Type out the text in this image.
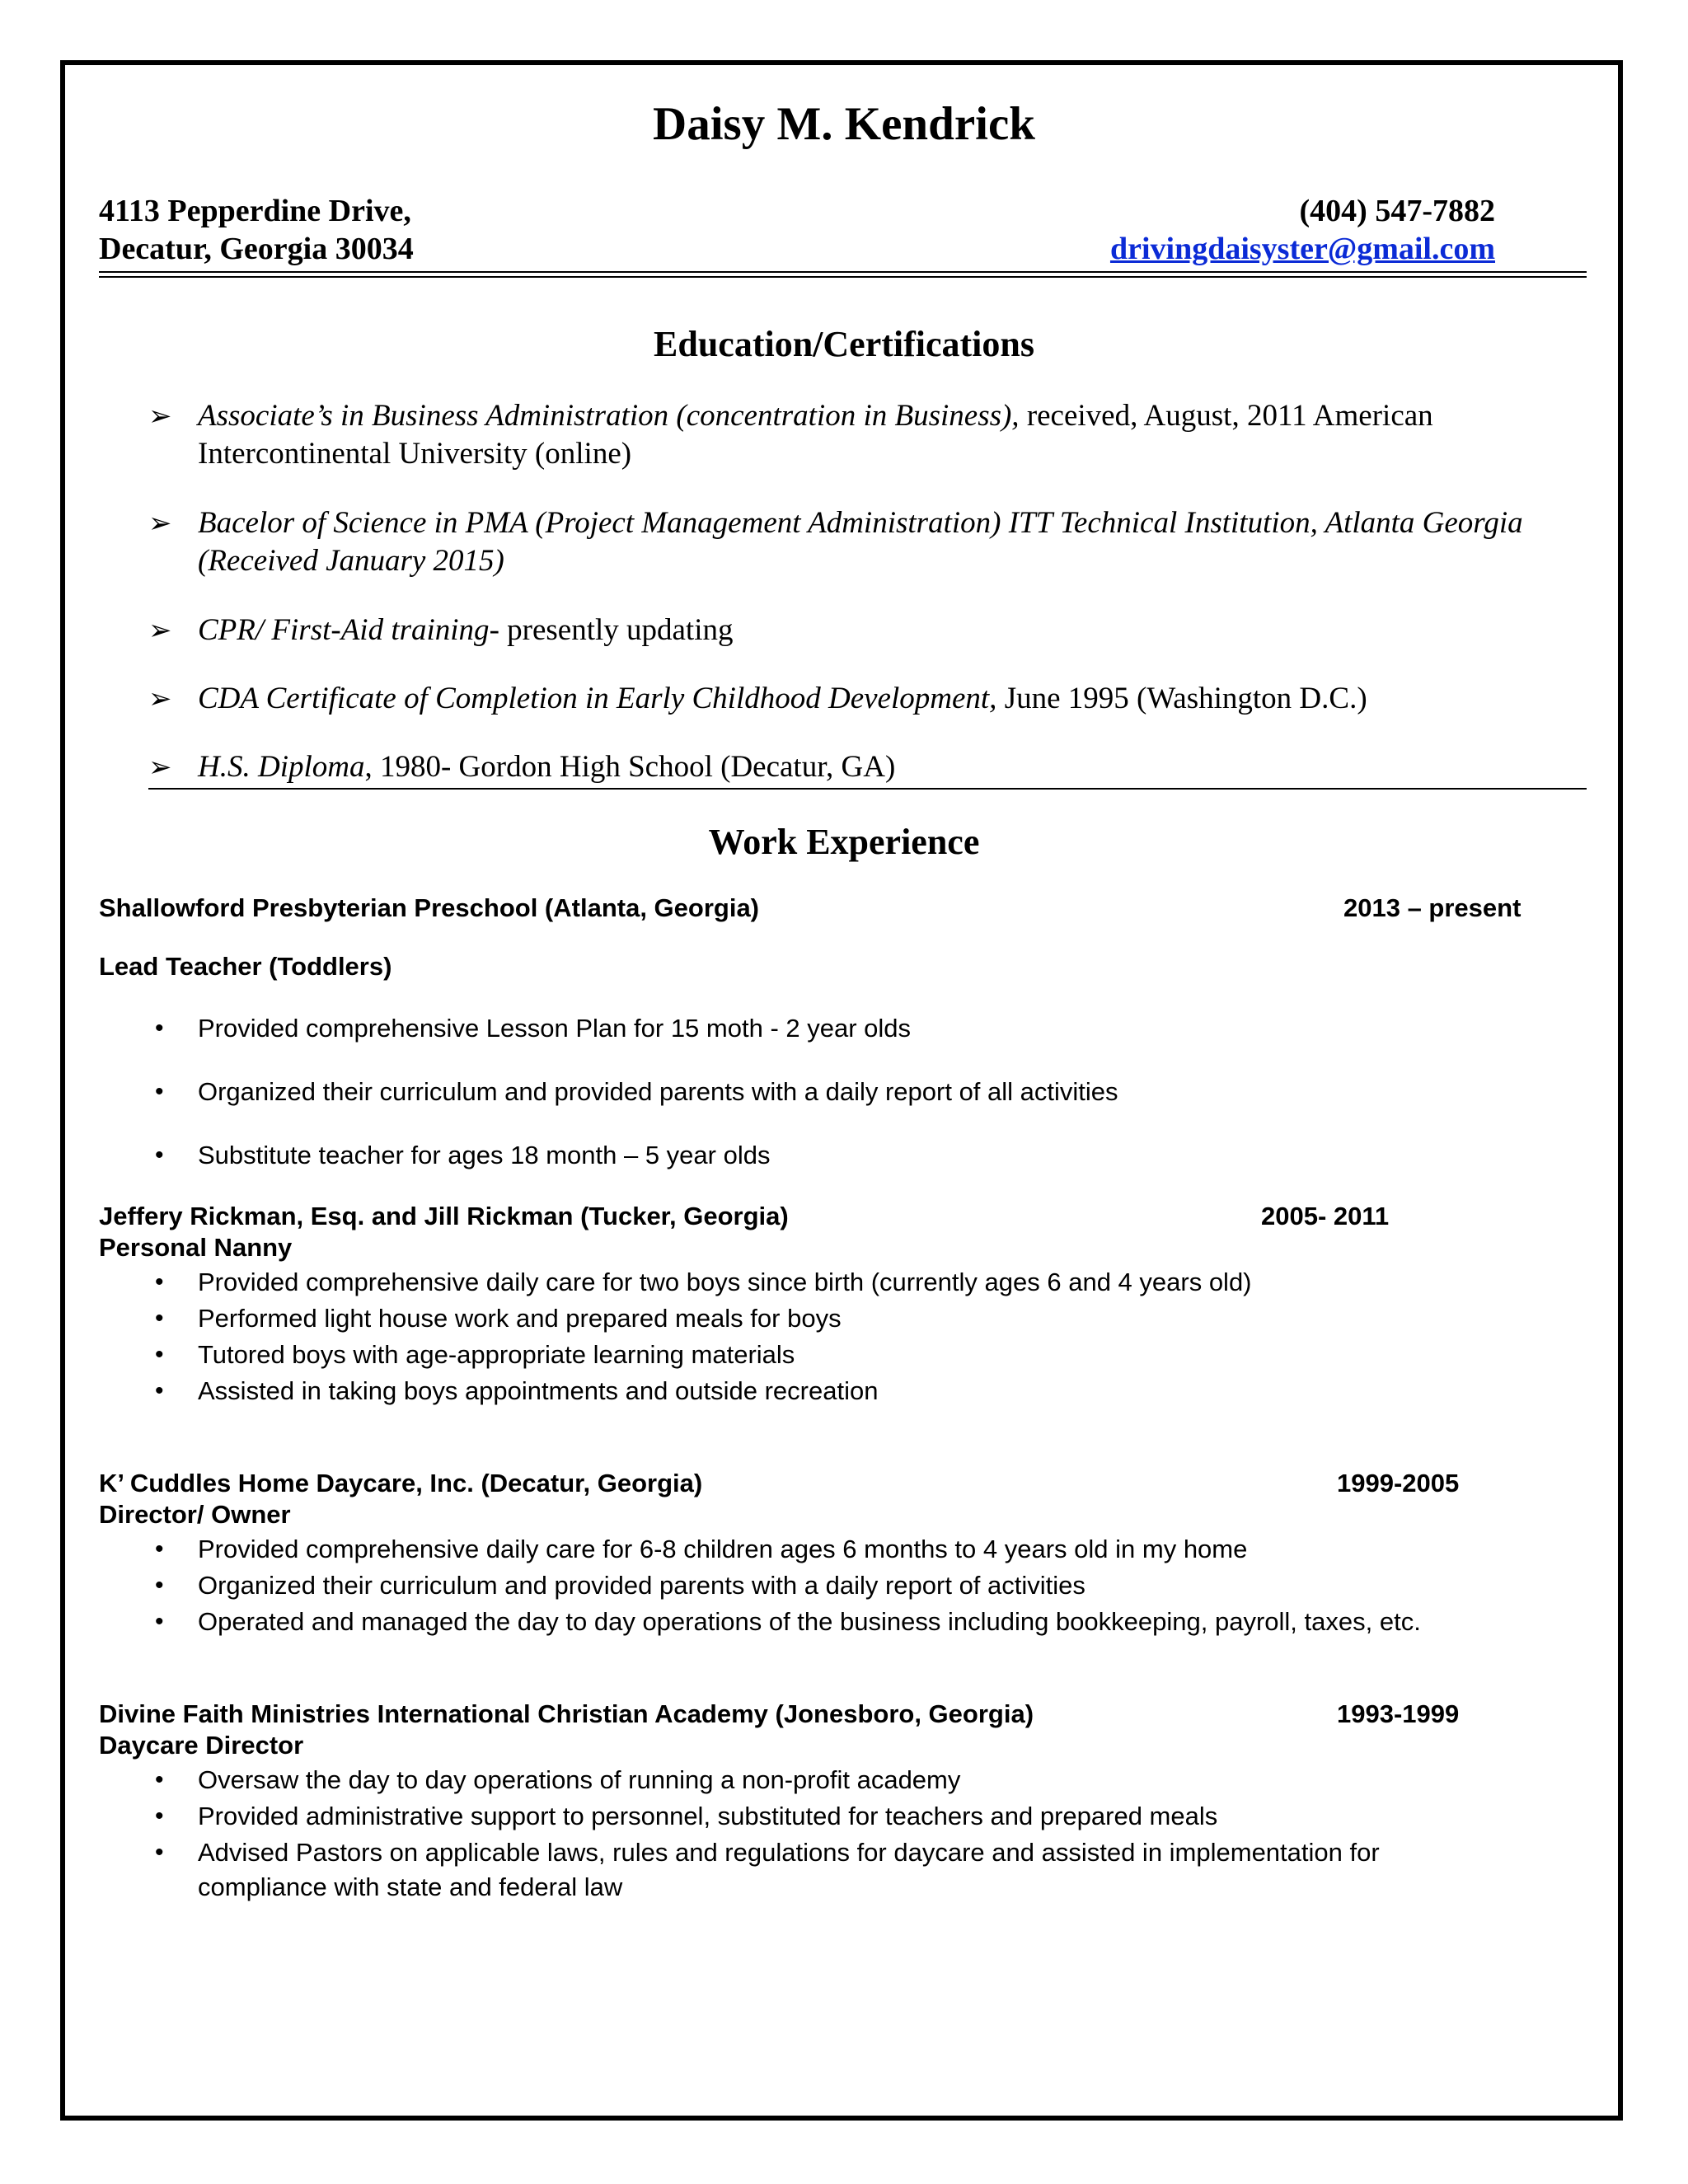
Daisy M. Kendrick
4113 Pepperdine Drive,
Decatur, Georgia 30034
(404) 547-7882
drivingdaisyster@gmail.com
Education/Certifications
➢ Associate’s in Business Administration (concentration in Business), received, August, 2011 American Intercontinental University (online)
➢ Bacelor of Science in PMA (Project Management Administration) ITT Technical Institution, Atlanta Georgia (Received January 2015)
➢ CPR/ First-Aid training- presently updating
➢ CDA Certificate of Completion in Early Childhood Development, June 1995 (Washington D.C.)
➢ H.S. Diploma, 1980- Gordon High School (Decatur, GA)
Work Experience
Shallowford Presbyterian Preschool (Atlanta, Georgia)	2013 – present
Lead Teacher (Toddlers)
• Provided comprehensive Lesson Plan for 15 moth - 2 year olds
• Organized their curriculum and provided parents with a daily report of all activities
• Substitute teacher for ages 18 month – 5 year olds
Jeffery Rickman, Esq. and Jill Rickman (Tucker, Georgia)	2005- 2011
Personal Nanny
• Provided comprehensive daily care for two boys since birth (currently ages 6 and 4 years old)
• Performed light house work and prepared meals for boys
• Tutored boys with age-appropriate learning materials
• Assisted in taking boys appointments and outside recreation
K’ Cuddles Home Daycare, Inc. (Decatur, Georgia)	1999-2005
Director/ Owner
• Provided comprehensive daily care for 6-8 children ages 6 months to 4 years old in my home
• Organized their curriculum and provided parents with a daily report of activities
• Operated and managed the day to day operations of the business including bookkeeping, payroll, taxes, etc.
Divine Faith Ministries International Christian Academy (Jonesboro, Georgia)	1993-1999
Daycare Director
• Oversaw the day to day operations of running a non-profit academy
• Provided administrative support to personnel, substituted for teachers and prepared meals
• Advised Pastors on applicable laws, rules and regulations for daycare and assisted in implementation for compliance with state and federal law
